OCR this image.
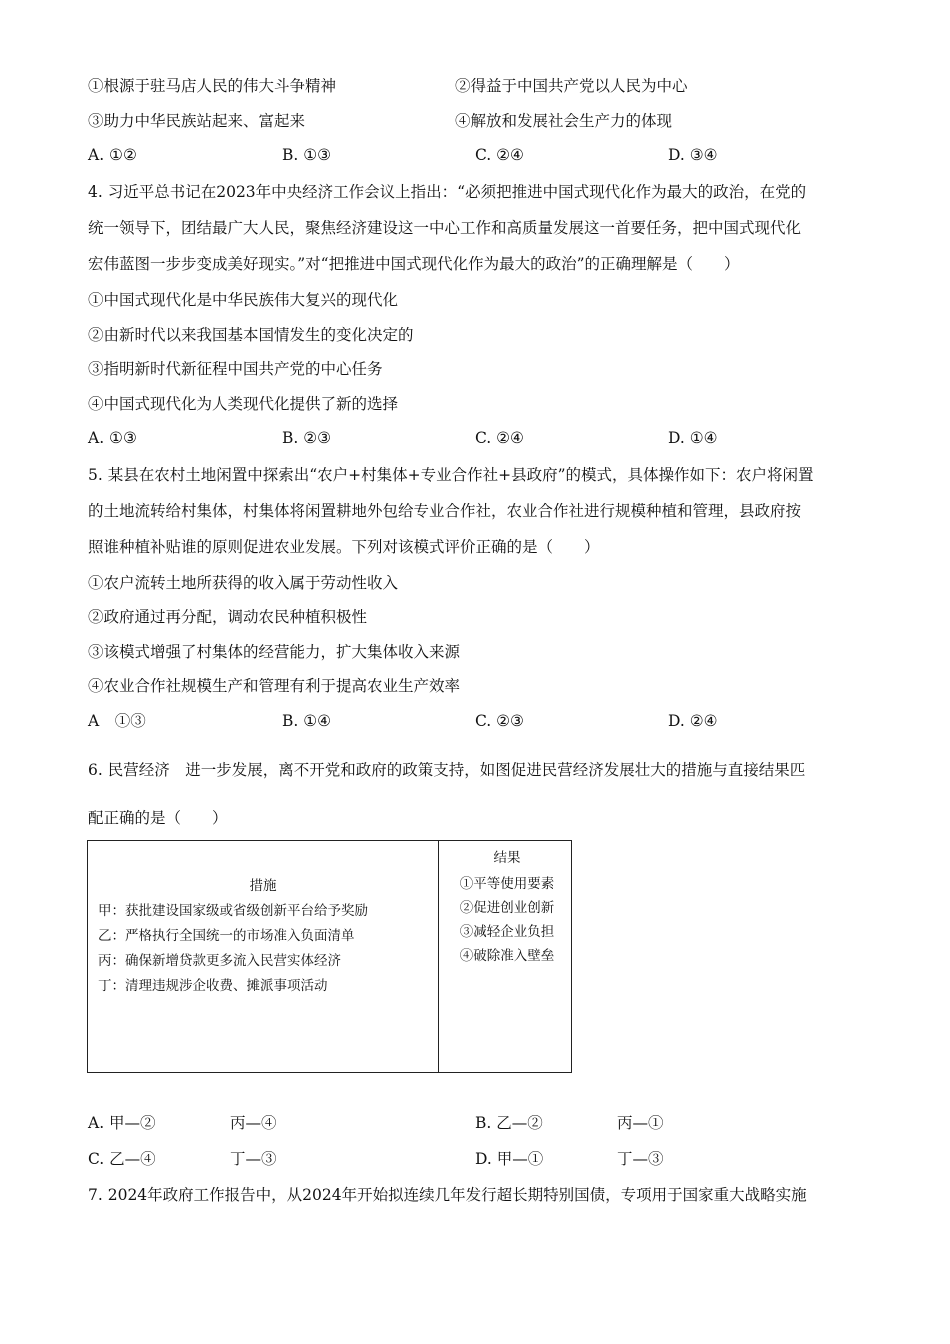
①根源于驻马店人民的伟大斗争精神	②得益于中国共产党以人民为中心
③助力中华民族站起来、富起来	④解放和发展社会生产力的体现
A. ①②	B. ①③	C. ②④	D. ③④
4. 习近平总书记在2023年中央经济工作会议上指出：“必须把推进中国式现代化作为最大的政治，在党的
统一领导下，团结最广大人民，聚焦经济建设这一中心工作和高质量发展这一首要任务，把中国式现代化
宏伟蓝图一步步变成美好现实。”对“把推进中国式现代化作为最大的政治”的正确理解是（　　）
①中国式现代化是中华民族伟大复兴的现代化
②由新时代以来我国基本国情发生的变化决定的
③指明新时代新征程中国共产党的中心任务
④中国式现代化为人类现代化提供了新的选择
A. ①③	B. ②③	C. ②④	D. ①④
5. 某县在农村土地闲置中探索出“农户+村集体+专业合作社+县政府”的模式，具体操作如下：农户将闲置
的土地流转给村集体，村集体将闲置耕地外包给专业合作社，农业合作社进行规模种植和管理，县政府按
照谁种植补贴谁的原则促进农业发展。下列对该模式评价正确的是（　　）
①农户流转土地所获得的收入属于劳动性收入
②政府通过再分配，调动农民种植积极性
③该模式增强了村集体的经营能力，扩大集体收入来源
④农业合作社规模生产和管理有利于提高农业生产效率
A　①③	B. ①④	C. ②③	D. ②④
6. 民营经济　进一步发展，离不开党和政府的政策支持，如图促进民营经济发展壮大的措施与直接结果匹
配正确的是（　　）
措施
甲：获批建设国家级或省级创新平台给予奖励
乙：严格执行全国统一的市场准入负面清单
丙：确保新增贷款更多流入民营实体经济
丁：清理违规涉企收费、摊派事项活动
结果
①平等使用要素
②促进创业创新
③减轻企业负担
④破除准入壁垒
A. 甲—②	丙—④	B. 乙—②	丙—①
C. 乙—④	丁—③	D. 甲—①	丁—③
7. 2024年政府工作报告中，从2024年开始拟连续几年发行超长期特别国债，专项用于国家重大战略实施
